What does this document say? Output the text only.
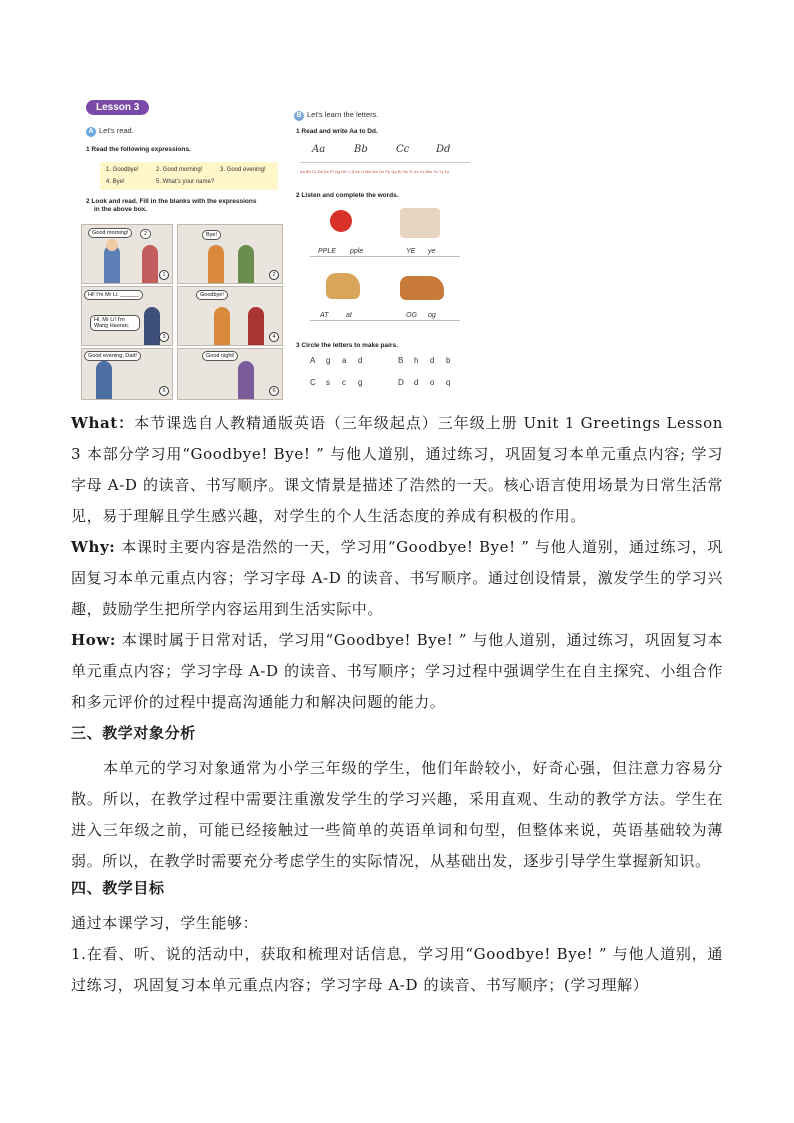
Lesson 3
A Let's read.
1 Read the following expressions.
1. Goodbye!	2. Good morning!	3. Good evening!
4. Bye!	5. What's your name?
2 Look and read. Fill in the blanks with the expressions
in the above box.
Good morning!	2
1
Bye!
2
Hi! I'm Mr Li. ______
Hi, Mr Li! I'm Wang Haoran.
3
Goodbye!
4
Good evening, Dad!
5
Good night!
6
B Let's learn the letters.
1 Read and write Aa to Dd.
Aa	Bb	Cc	Dd
Aa Bb Cc Dd Ee Ff Gg Hh Ii Jj Kk Ll Mm Nn Oo Pp Qq Rr Ss Tt Uu Vv Ww Xx Yy Zz
2 Listen and complete the words.
PPLE pple	YE ye
AT	at	OG og
3 Circle the letters to make pairs.
A g a d	B h d b
C s c g	D d o q
What：本节课选自人教精通版英语（三年级起点）三年级上册 Unit 1 Greetings Lesson 3 本部分学习用“Goodbye! Bye! ” 与他人道别，通过练习，巩固复习本单元重点内容; 学习字母 A-D 的读音、书写顺序。课文情景是描述了浩然的一天。核心语言使用场景为日常生活常见，易于理解且学生感兴趣，对学生的个人生活态度的养成有积极的作用。
Why: 本课时主要内容是浩然的一天，学习用“Goodbye! Bye! ” 与他人道别，通过练习，巩固复习本单元重点内容；学习字母 A-D 的读音、书写顺序。通过创设情景，激发学生的学习兴趣，鼓励学生把所学内容运用到生活实际中。
How: 本课时属于日常对话，学习用“Goodbye! Bye! ” 与他人道别，通过练习，巩固复习本单元重点内容；学习字母 A-D 的读音、书写顺序；学习过程中强调学生在自主探究、小组合作和多元评价的过程中提高沟通能力和解决问题的能力。
三、教学对象分析
本单元的学习对象通常为小学三年级的学生，他们年龄较小，好奇心强，但注意力容易分散。所以，在教学过程中需要注重激发学生的学习兴趣，采用直观、生动的教学方法。学生在进入三年级之前，可能已经接触过一些简单的英语单词和句型，但整体来说，英语基础较为薄弱。所以，在教学时需要充分考虑学生的实际情况，从基础出发，逐步引导学生掌握新知识。
四、教学目标
通过本课学习，学生能够：
1.在看、听、说的活动中，获取和梳理对话信息，学习用“Goodbye! Bye! ” 与他人道别，通过练习，巩固复习本单元重点内容；学习字母 A-D 的读音、书写顺序；(学习理解）
